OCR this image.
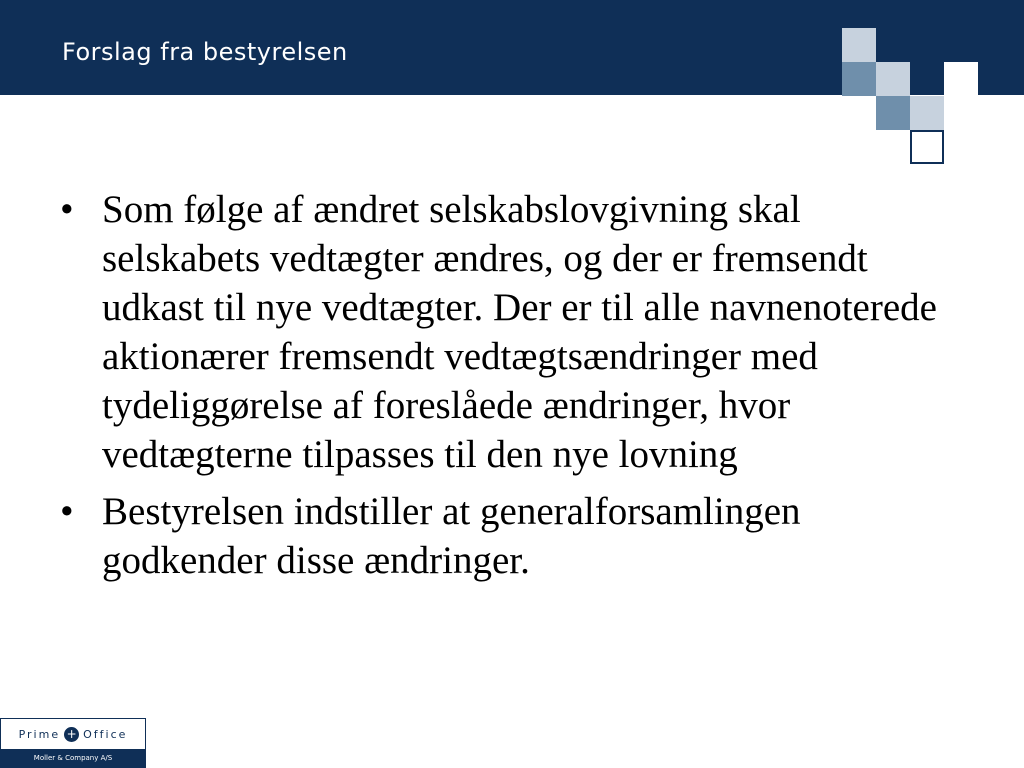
Forslag fra bestyrelsen
• Som følge af ændret selskabslovgivning skal selskabets vedtægter ændres, og der er fremsendt udkast til nye vedtægter. Der er til alle navnenoterede aktionærer fremsendt vedtægtsændringer med tydeliggørelse af foreslåede ændringer, hvor vedtægterne tilpasses til den nye lovning
• Bestyrelsen indstiller at generalforsamlingen godkender disse ændringer.
Prime + Office
Moller & Company A/S
